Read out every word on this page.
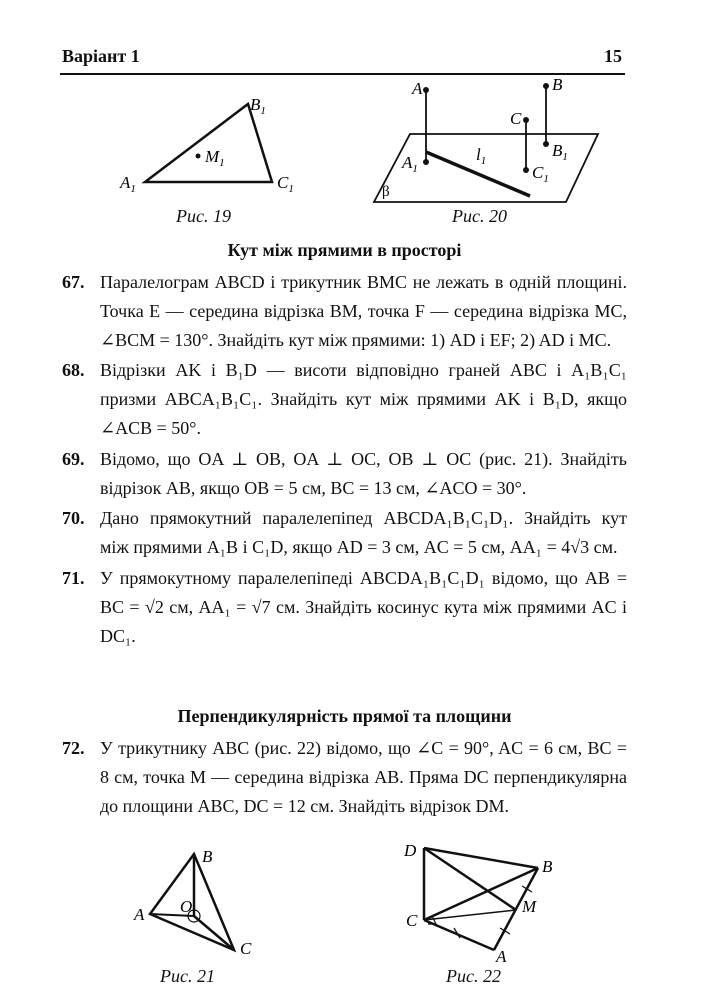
Варіант 1	15
$A_1$
$B_1$
$C_1$
$M_1$
Рис. 19
A	B
C
$A_1$
$B_1$
$C_1$
$l_1$
β
Рис. 20
Кут між прямими в просторі
67. Паралелограм ABCD і трикутник BMC не лежать в одній площині. Точка E — середина відрізка BM, точка F — середина відрізка MC, ∠BCM = 130°. Знайдіть кут між прямими: 1) AD і EF; 2) AD і MC.
68. Відрізки AK і B₁D — висоти відповідно граней ABC і A₁B₁C₁ призми ABCA₁B₁C₁. Знайдіть кут між прямими AK і B₁D, якщо ∠ACB = 50°.
69. Відомо, що OA ⊥ OB, OA ⊥ OC, OB ⊥ OC (рис. 21). Знайдіть відрізок AB, якщо OB = 5 см, BC = 13 см, ∠ACO = 30°.
70. Дано прямокутний паралелепіпед ABCDA₁B₁C₁D₁. Знайдіть кут між прямими A₁B і C₁D, якщо AD = 3 см, AC = 5 см, AA₁ = 4√3 см.
71. У прямокутному паралелепіпеді ABCDA₁B₁C₁D₁ відомо, що AB = BC = √2 см, AA₁ = √7 см. Знайдіть косинус кута між прямими AC і DC₁.
Перпендикулярність прямої та площини
72. У трикутнику ABC (рис. 22) відомо, що ∠C = 90°, AC = 6 см, BC = 8 см, точка M — середина відрізка AB. Пряма DC перпендикулярна до площини ABC, DC = 12 см. Знайдіть відрізок DM.
A
B
C
O
Рис. 21
D
B
C
M
A
Рис. 22
